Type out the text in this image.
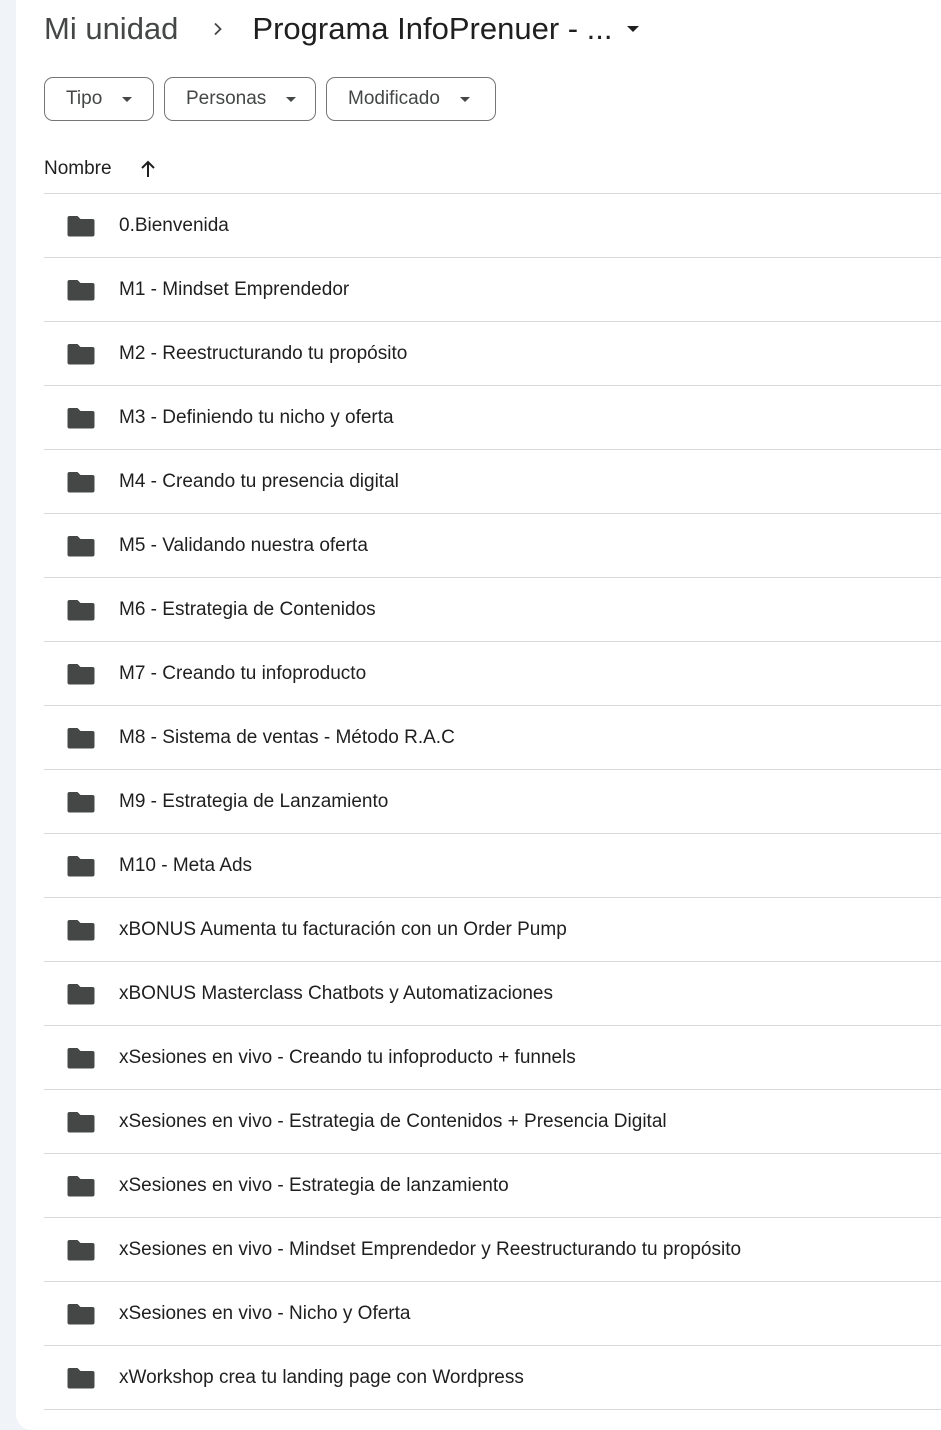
Mi unidad Programa InfoPrenuer - ...
Tipo	Personas	Modificado
Nombre
0.Bienvenida
M1 - Mindset Emprendedor
M2 - Reestructurando tu propósito
M3 - Definiendo tu nicho y oferta
M4 - Creando tu presencia digital
M5 - Validando nuestra oferta
M6 - Estrategia de Contenidos
M7 - Creando tu infoproducto
M8 - Sistema de ventas - Método R.A.C
M9 - Estrategia de Lanzamiento
M10 - Meta Ads
xBONUS Aumenta tu facturación con un Order Pump
xBONUS Masterclass Chatbots y Automatizaciones
xSesiones en vivo - Creando tu infoproducto + funnels
xSesiones en vivo - Estrategia de Contenidos + Presencia Digital
xSesiones en vivo - Estrategia de lanzamiento
xSesiones en vivo - Mindset Emprendedor y Reestructurando tu propósito
xSesiones en vivo - Nicho y Oferta
xWorkshop crea tu landing page con Wordpress
